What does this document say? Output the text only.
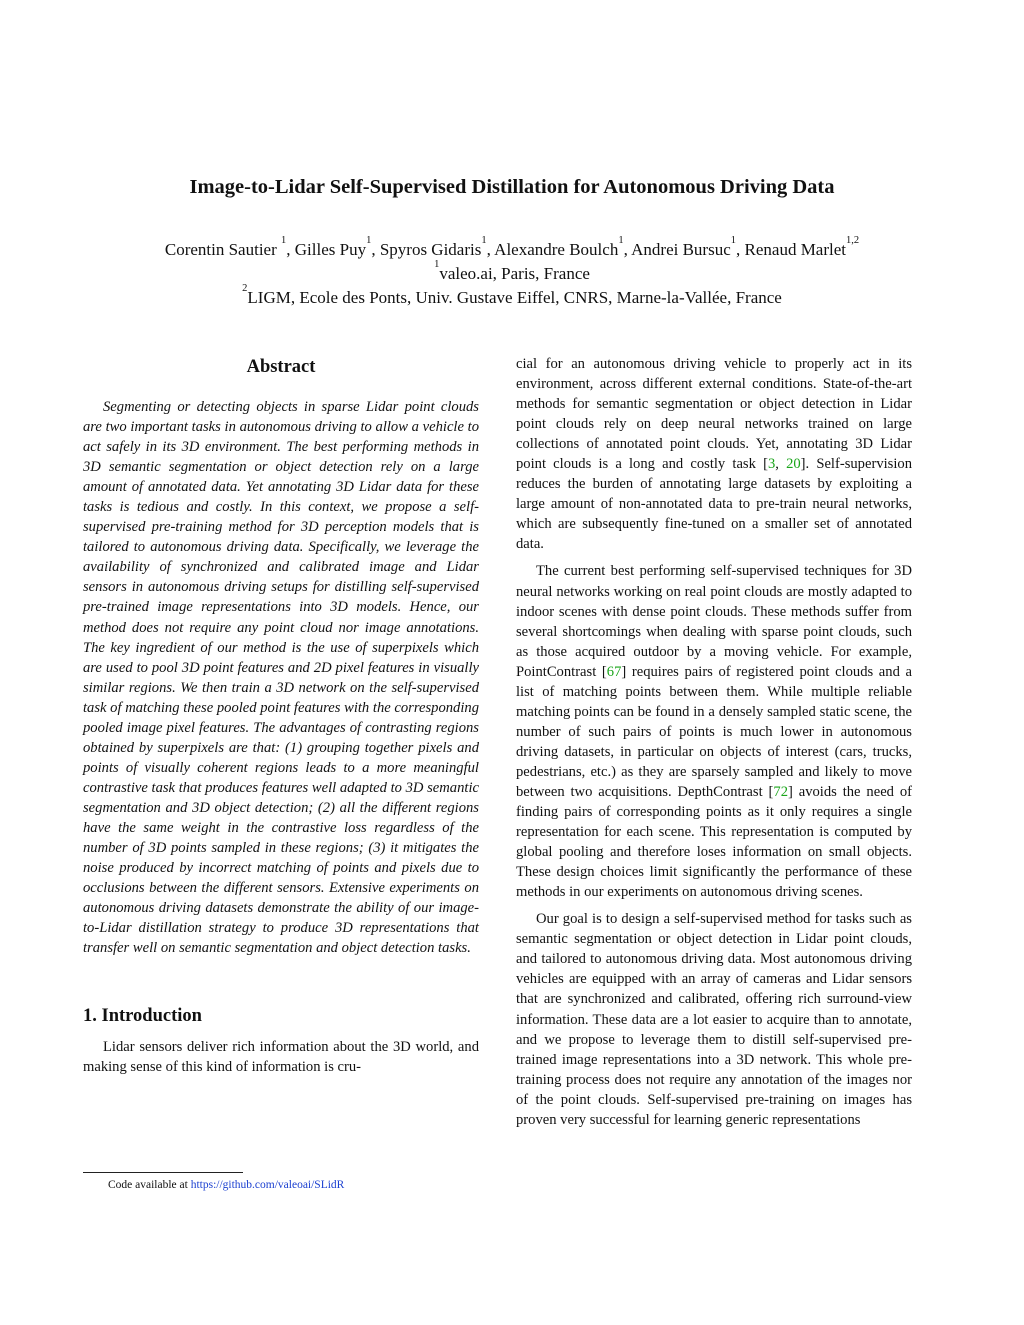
Image-to-Lidar Self-Supervised Distillation for Autonomous Driving Data
Corentin Sautier $^1$, Gilles Puy$^1$, Spyros Gidaris$^1$, Alexandre Boulch$^1$, Andrei Bursuc$^1$, Renaud Marlet$^{1,2}$
$^1$valeo.ai, Paris, France
$^2$LIGM, Ecole des Ponts, Univ. Gustave Eiffel, CNRS, Marne-la-Vallée, France
Abstract

Segmenting or detecting objects in sparse Lidar point clouds are two important tasks in autonomous driving to allow a vehicle to act safely in its 3D environment. The best performing methods in 3D semantic segmentation or object detection rely on a large amount of annotated data. Yet annotating 3D Lidar data for these tasks is tedious and costly. In this context, we propose a self-supervised pre-training method for 3D perception models that is tailored to autonomous driving data. Specifically, we leverage the availability of synchronized and calibrated image and Lidar sensors in autonomous driving setups for distilling self-supervised pre-trained image representations into 3D models. Hence, our method does not require any point cloud nor image annotations. The key ingredient of our method is the use of superpixels which are used to pool 3D point features and 2D pixel features in visually similar regions. We then train a 3D network on the self-supervised task of matching these pooled point features with the corresponding pooled image pixel features. The advantages of contrasting regions obtained by superpixels are that: (1) grouping together pixels and points of visually coherent regions leads to a more meaningful contrastive task that produces features well adapted to 3D semantic segmentation and 3D object detection; (2) all the different regions have the same weight in the contrastive loss regardless of the number of 3D points sampled in these regions; (3) it mitigates the noise produced by incorrect matching of points and pixels due to occlusions between the different sensors. Extensive experiments on autonomous driving datasets demonstrate the ability of our image-to-Lidar distillation strategy to produce 3D representations that transfer well on semantic segmentation and object detection tasks.

1. Introduction

Lidar sensors deliver rich information about the 3D world, and making sense of this kind of information is cru-

Code available at https://github.com/valeoai/SLidR

cial for an autonomous driving vehicle to properly act in its environment, across different external conditions. State-of-the-art methods for semantic segmentation or object detection in Lidar point clouds rely on deep neural networks trained on large collections of annotated point clouds. Yet, annotating 3D Lidar point clouds is a long and costly task [3, 20]. Self-supervision reduces the burden of annotating large datasets by exploiting a large amount of non-annotated data to pre-train neural networks, which are subsequently fine-tuned on a smaller set of annotated data.

The current best performing self-supervised techniques for 3D neural networks working on real point clouds are mostly adapted to indoor scenes with dense point clouds. These methods suffer from several shortcomings when dealing with sparse point clouds, such as those acquired outdoor by a moving vehicle. For example, PointContrast [67] requires pairs of registered point clouds and a list of matching points between them. While multiple reliable matching points can be found in a densely sampled static scene, the number of such pairs of points is much lower in autonomous driving datasets, in particular on objects of interest (cars, trucks, pedestrians, etc.) as they are sparsely sampled and likely to move between two acquisitions. DepthContrast [72] avoids the need of finding pairs of corresponding points as it only requires a single representation for each scene. This representation is computed by global pooling and therefore loses information on small objects. These design choices limit significantly the performance of these methods in our experiments on autonomous driving scenes.

Our goal is to design a self-supervised method for tasks such as semantic segmentation or object detection in Lidar point clouds, and tailored to autonomous driving data. Most autonomous driving vehicles are equipped with an array of cameras and Lidar sensors that are synchronized and calibrated, offering rich surround-view information. These data are a lot easier to acquire than to annotate, and we propose to leverage them to distill self-supervised pre-trained image representations into a 3D network. This whole pre-training process does not require any annotation of the images nor of the point clouds. Self-supervised pre-training on images has proven very successful for learning generic representations
